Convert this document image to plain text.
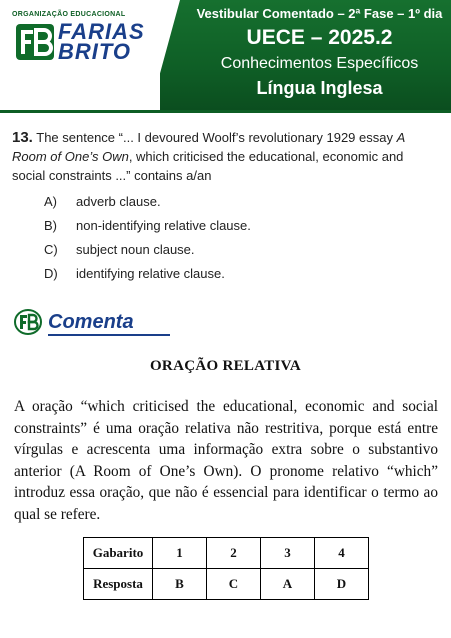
ORGANIZAÇÃO EDUCACIONAL
FARIAS
BRITO
Vestibular Comentado – 2ª Fase – 1º dia
UECE – 2025.2
Conhecimentos Específicos
Língua Inglesa
13. The sentence “... I devoured Woolf’s revolutionary 1929 essay A Room of One’s Own, which criticised the educational, economic and social constraints ...” contains a/an
A)	adverb clause.
B)	non-identifying relative clause.
C)	subject noun clause.
D)	identifying relative clause.
Comenta
ORAÇÃO RELATIVA
A oração “which criticised the educational, economic and social constraints” é uma oração relativa não restritiva, porque está entre vírgulas e acrescenta uma informação extra sobre o substantivo anterior (A Room of One’s Own). O pronome relativo “which” introduz essa oração, que não é essencial para identificar o termo ao qual se refere.
Gabarito	1	2	3	4
Resposta	B	C	A	D
